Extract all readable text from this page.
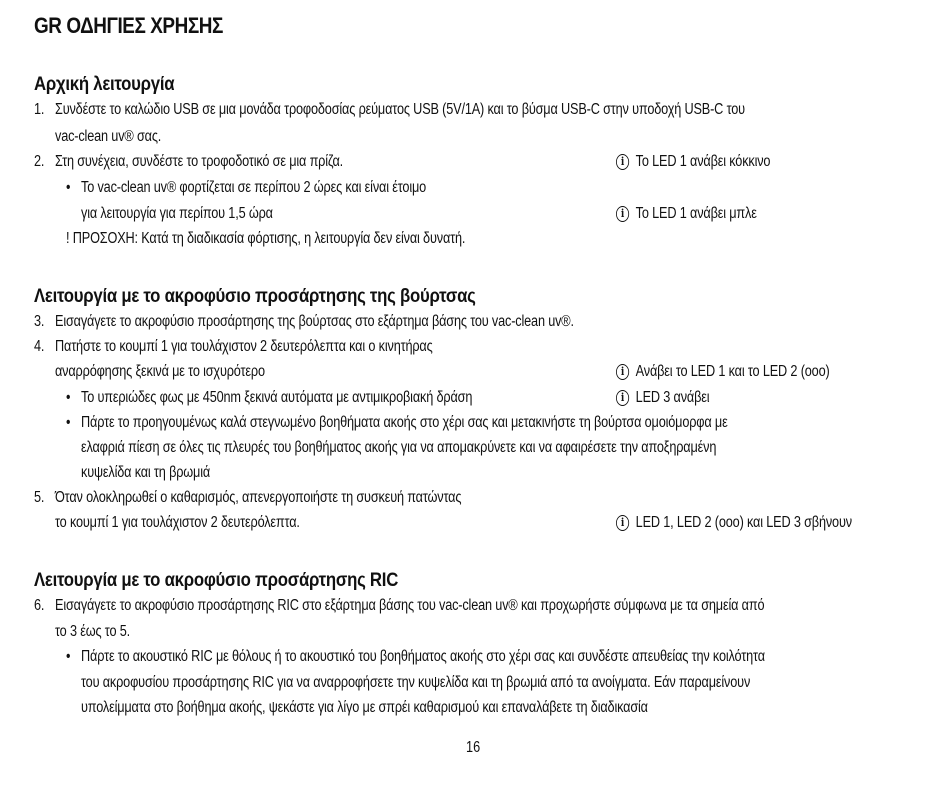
GR ΟΔΗΓΙΕΣ ΧΡΗΣΗΣ
Αρχική λειτουργία
1. Συνδέστε το καλώδιο USB σε μια μονάδα τροφοδοσίας ρεύματος USB (5V/1A) και το βύσμα USB-C στην υποδοχή USB-C του
vac-clean uv® σας.
2. Στη συνέχεια, συνδέστε το τροφοδοτικό σε μια πρίζα.	i Το LED 1 ανάβει κόκκινο
• Το vac-clean uv® φορτίζεται σε περίπου 2 ώρες και είναι έτοιμο
για λειτουργία για περίπου 1,5 ώρα	i Το LED 1 ανάβει μπλε
! ΠΡΟΣΟΧΗ: Κατά τη διαδικασία φόρτισης, η λειτουργία δεν είναι δυνατή.
Λειτουργία με το ακροφύσιο προσάρτησης της βούρτσας
3. Εισαγάγετε το ακροφύσιο προσάρτησης της βούρτσας στο εξάρτημα βάσης του vac-clean uv®.
4. Πατήστε το κουμπί 1 για τουλάχιστον 2 δευτερόλεπτα και ο κινητήρας
αναρρόφησης ξεκινά με το ισχυρότερο	i Ανάβει το LED 1 και το LED 2 (οοο)
• Το υπεριώδες φως με 450nm ξεκινά αυτόματα με αντιμικροβιακή δράση	i LED 3 ανάβει
• Πάρτε το προηγουμένως καλά στεγνωμένο βοηθήματα ακοής στο χέρι σας και μετακινήστε τη βούρτσα ομοιόμορφα με
ελαφριά πίεση σε όλες τις πλευρές του βοηθήματος ακοής για να απομακρύνετε και να αφαιρέσετε την αποξηραμένη
κυψελίδα και τη βρωμιά
5. Όταν ολοκληρωθεί ο καθαρισμός, απενεργοποιήστε τη συσκευή πατώντας
το κουμπί 1 για τουλάχιστον 2 δευτερόλεπτα.	i LED 1, LED 2 (οοο) και LED 3 σβήνουν
Λειτουργία με το ακροφύσιο προσάρτησης RIC
6. Εισαγάγετε το ακροφύσιο προσάρτησης RIC στο εξάρτημα βάσης του vac-clean uv® και προχωρήστε σύμφωνα με τα σημεία από
το 3 έως το 5.
• Πάρτε το ακουστικό RIC με θόλους ή το ακουστικό του βοηθήματος ακοής στο χέρι σας και συνδέστε απευθείας την κοιλότητα
του ακροφυσίου προσάρτησης RIC για να αναρροφήσετε την κυψελίδα και τη βρωμιά από τα ανοίγματα. Εάν παραμείνουν
υπολείμματα στο βοήθημα ακοής, ψεκάστε για λίγο με σπρέι καθαρισμού και επαναλάβετε τη διαδικασία
16
